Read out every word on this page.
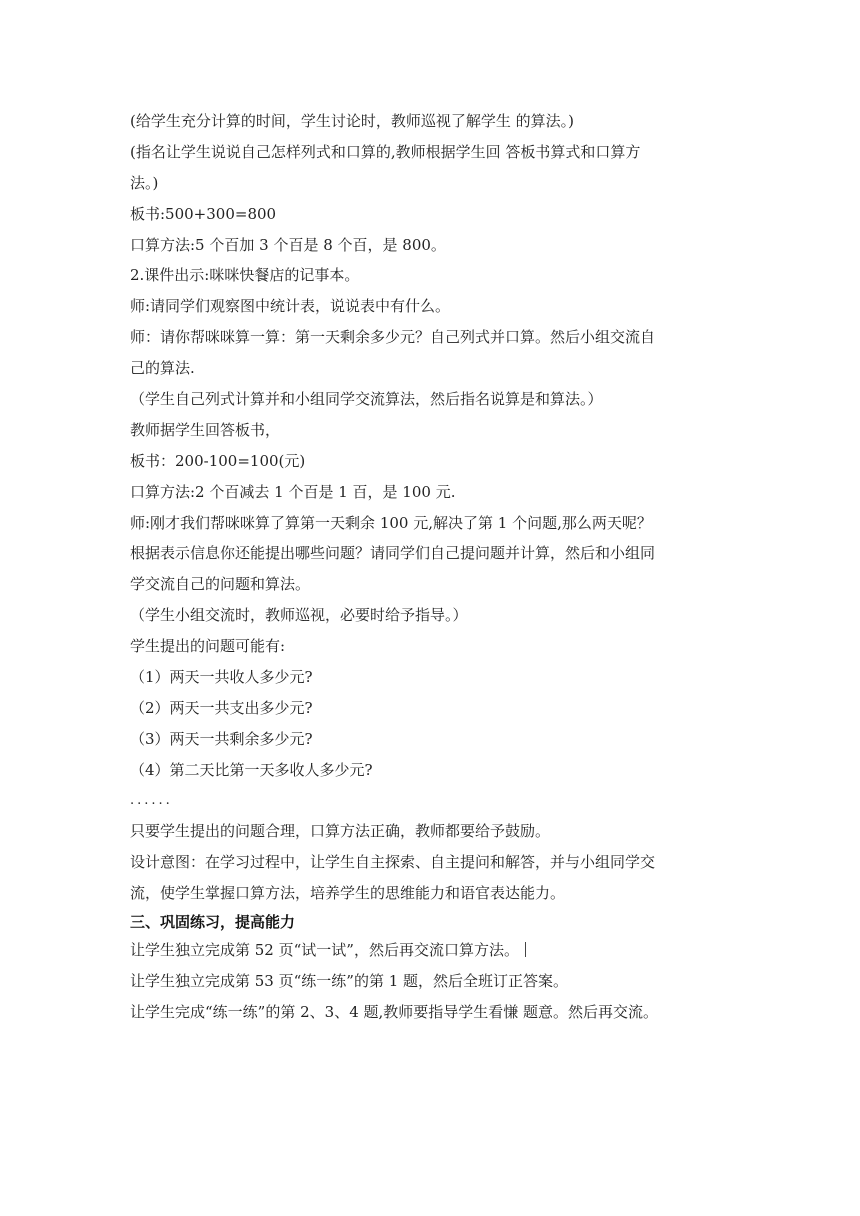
(给学生充分计算的时间，学生讨论时，教师巡视了解学生 的算法。)
(指名让学生说说自己怎样列式和口算的,教师根据学生回 答板书算式和口算方
法。)
板书:500+300=800
口算方法:5 个百加 3 个百是 8 个百，是 800。
2.课件出示:咪咪快餐店的记事本。
师:请同学们观察图中统计表，说说表中有什么。
师：请你帮咪咪算一算：第一天剩余多少元？自己列式并口算。然后小组交流自
己的算法.
（学生自己列式计算并和小组同学交流算法，然后指名说算是和算法。）
教师据学生回答板书，
板书：200-100=100(元)
口算方法:2 个百减去 1 个百是 1 百，是 100 元.
师:刚才我们帮咪咪算了算第一天剩余 100 元,解决了第 1 个问题,那么两天呢？
根据表示信息你还能提出哪些问题？请同学们自己提问题并计算，然后和小组同
学交流自己的问题和算法。
（学生小组交流时，教师巡视，必要时给予指导。）
学生提出的问题可能有:
（1）两天一共收人多少元?
（2）两天一共支出多少元?
（3）两天一共剩余多少元?
（4）第二天比第一天多收人多少元?
......
只要学生提出的问题合理，口算方法正确，教师都要给予鼓励。
设计意图：在学习过程中，让学生自主探索、自主提问和解答，并与小组同学交
流，使学生掌握口算方法，培养学生的思维能力和语官表达能力。
三、巩固练习，提高能力
让学生独立完成第 52 页“试一试”，然后再交流口算方法。
让学生独立完成第 53 页“练一练”的第 1 题，然后全班订正答案。
让学生完成“练一练”的第 2、3、4 题,教师要指导学生看慊 题意。然后再交流。
